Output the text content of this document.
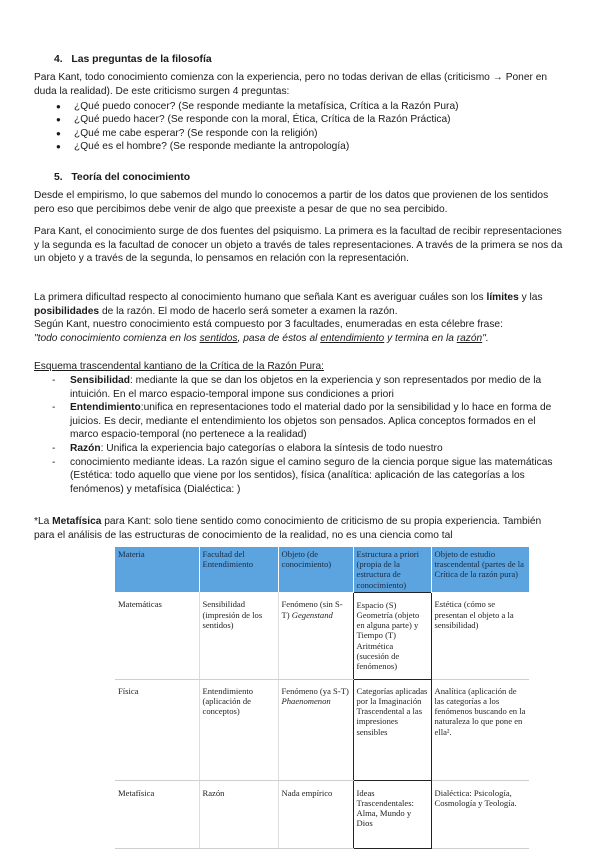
4. Las preguntas de la filosofía
Para Kant, todo conocimiento comienza con la experiencia, pero no todas derivan de ellas (criticismo → Poner en duda la realidad). De este criticismo surgen 4 preguntas:
● ¿Qué puedo conocer? (Se responde mediante la metafísica, Crítica a la Razón Pura)
● ¿Qué puedo hacer? (Se responde con la moral, Ética, Crítica de la Razón Práctica)
● ¿Qué me cabe esperar? (Se responde con la religión)
● ¿Qué es el hombre? (Se responde mediante la antropología)
5. Teoría del conocimiento
Desde el empirismo, lo que sabemos del mundo lo conocemos a partir de los datos que provienen de los sentidos pero eso que percibimos debe venir de algo que preexiste a pesar de que no sea percibido.
Para Kant, el conocimiento surge de dos fuentes del psiquismo. La primera es la facultad de recibir representaciones y la segunda es la facultad de conocer un objeto a través de tales representaciones. A través de la primera se nos da un objeto y a través de la segunda, lo pensamos en relación con la representación.
La primera dificultad respecto al conocimiento humano que señala Kant es averiguar cuáles son los límites y las posibilidades de la razón. El modo de hacerlo será someter a examen la razón.
Según Kant, nuestro conocimiento está compuesto por 3 facultades, enumeradas en esta célebre frase:
"todo conocimiento comienza en los sentidos, pasa de éstos al entendimiento y termina en la razón".
Esquema trascendental kantiano de la Crítica de la Razón Pura:
- Sensibilidad: mediante la que se dan los objetos en la experiencia y son representados por medio de la intuición. En el marco espacio-temporal impone sus condiciones a priori
- Entendimiento:unifica en representaciones todo el material dado por la sensibilidad y lo hace en forma de juicios. Es decir, mediante el entendimiento los objetos son pensados. Aplica conceptos formados en el marco espacio-temporal (no pertenece a la realidad)
- Razón: Unifica la experiencia bajo categorías o elabora la síntesis de todo nuestro
- conocimiento mediante ideas. La razón sigue el camino seguro de la ciencia porque sigue las matemáticas (Estética: todo aquello que viene por los sentidos), física (analítica: aplicación de las categorías a los fenómenos) y metafísica (Dialéctica: )
*La Metafísica para Kant: solo tiene sentido como conocimiento de criticismo de su propia experiencia. También para el análisis de las estructuras de conocimiento de la realidad, no es una ciencia como tal
Materia	Facultad del Entendimiento	Objeto (de conocimiento)	Estructura a priori (propia de la estructura de conocimiento)	Objeto de estudio trascendental (partes de la Crítica de la razón pura)
Matemáticas	Sensibilidad (impresión de los sentidos)	Fenómeno (sin S-T) Gegenstand	Espacio (S) Geometría (objeto en alguna parte) y Tiempo (T) Aritmética (sucesión de fenómenos)	Estética (cómo se presentan el objeto a la sensibilidad)
Física	Entendimiento (aplicación de conceptos)	Fenómeno (ya S-T) Phaenomenon	Categorías aplicadas por la Imaginación Trascendental a las impresiones sensibles	Analítica (aplicación de las categorías a los fenómenos buscando en la naturaleza lo que pone en ella².
Metafísica	Razón	Nada empírico	Ideas Trascendentales: Alma, Mundo y Dios	Dialéctica: Psicología, Cosmología y Teología.
